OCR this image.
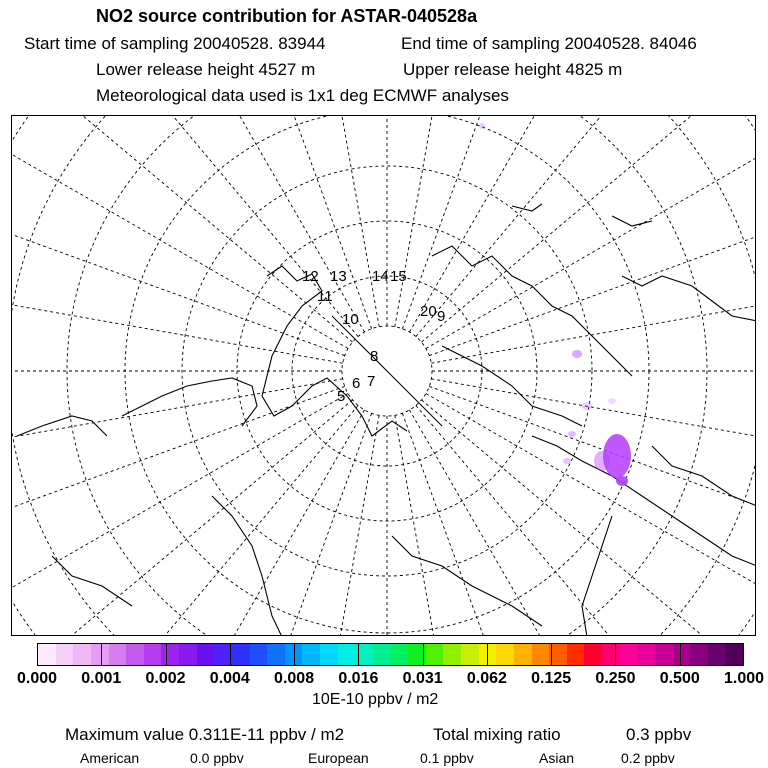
NO2 source contribution for ASTAR-040528a
Start time of sampling 20040528. 83944	End time of sampling 20040528. 84046
Lower release height 4527 m	Upper release height 4825 m
Meteorological data used is 1x1 deg ECMWF analyses
12 13 14 15
11
10	20 9
8
7
6
5
0.000 0.001 0.002 0.004 0.008 0.016 0.031 0.062 0.125 0.250 0.500 1.000
10E-10 ppbv / m2
Maximum value 0.311E-11 ppbv / m2	Total mixing ratio	0.3 ppbv
American	0.0 ppbv	European	0.1 ppbv	Asian	0.2 ppbv
